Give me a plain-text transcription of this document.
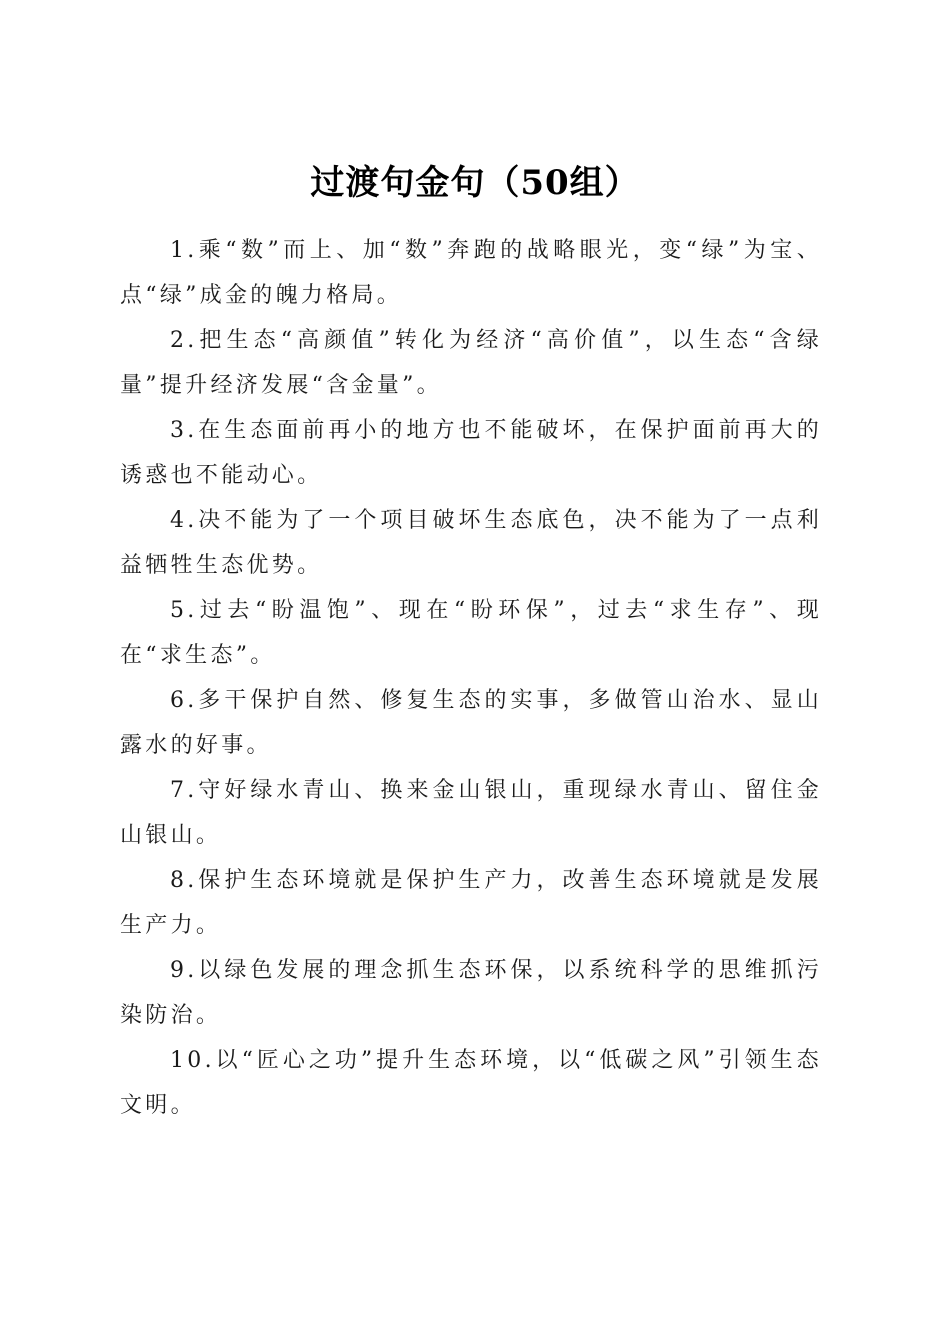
过渡句金句（50组）

1.乘“数”而上、加“数”奔跑的战略眼光，变“绿”为宝、点“绿”成金的魄力格局。

2.把生态“高颜值”转化为经济“高价值”，以生态“含绿量”提升经济发展“含金量”。

3.在生态面前再小的地方也不能破坏，在保护面前再大的诱惑也不能动心。

4.决不能为了一个项目破坏生态底色，决不能为了一点利益牺牲生态优势。

5.过去“盼温饱”、现在“盼环保”，过去“求生存”、现在“求生态”。

6.多干保护自然、修复生态的实事，多做管山治水、显山露水的好事。

7.守好绿水青山、换来金山银山，重现绿水青山、留住金山银山。

8.保护生态环境就是保护生产力，改善生态环境就是发展生产力。

9.以绿色发展的理念抓生态环保，以系统科学的思维抓污染防治。

10.以“匠心之功”提升生态环境，以“低碳之风”引领生态文明。
